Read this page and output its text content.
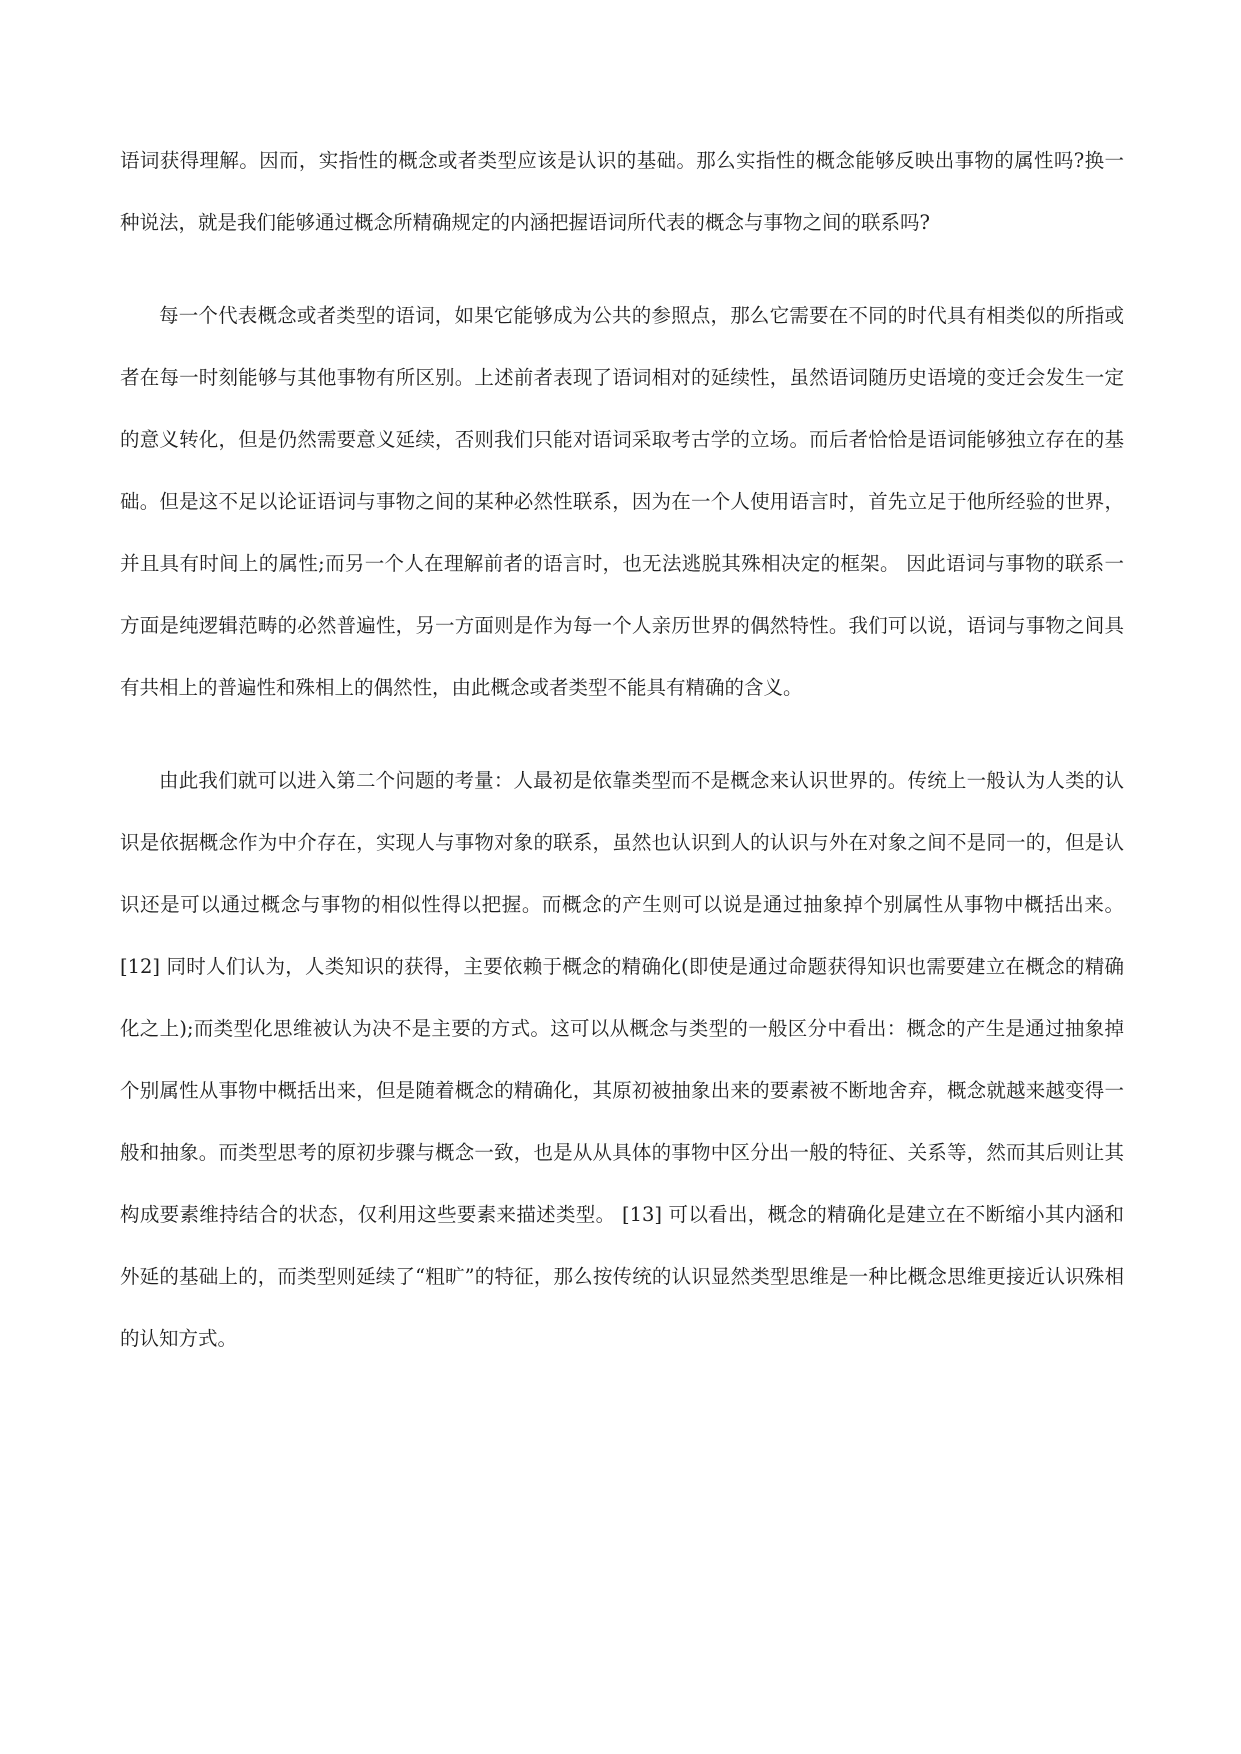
语词获得理解。因而，实指性的概念或者类型应该是认识的基础。那么实指性的概念能够反映出事物的属性吗?换一种说法，就是我们能够通过概念所精确规定的内涵把握语词所代表的概念与事物之间的联系吗?

每一个代表概念或者类型的语词，如果它能够成为公共的参照点，那么它需要在不同的时代具有相类似的所指或者在每一时刻能够与其他事物有所区别。上述前者表现了语词相对的延续性，虽然语词随历史语境的变迁会发生一定的意义转化，但是仍然需要意义延续，否则我们只能对语词采取考古学的立场。而后者恰恰是语词能够独立存在的基础。但是这不足以论证语词与事物之间的某种必然性联系，因为在一个人使用语言时，首先立足于他所经验的世界，并且具有时间上的属性;而另一个人在理解前者的语言时，也无法逃脱其殊相决定的框架。 因此语词与事物的联系一方面是纯逻辑范畴的必然普遍性，另一方面则是作为每一个人亲历世界的偶然特性。我们可以说，语词与事物之间具有共相上的普遍性和殊相上的偶然性，由此概念或者类型不能具有精确的含义。

由此我们就可以进入第二个问题的考量：人最初是依靠类型而不是概念来认识世界的。传统上一般认为人类的认识是依据概念作为中介存在，实现人与事物对象的联系，虽然也认识到人的认识与外在对象之间不是同一的，但是认识还是可以通过概念与事物的相似性得以把握。而概念的产生则可以说是通过抽象掉个别属性从事物中概括出来。 [12] 同时人们认为，人类知识的获得，主要依赖于概念的精确化(即使是通过命题获得知识也需要建立在概念的精确化之上);而类型化思维被认为决不是主要的方式。这可以从概念与类型的一般区分中看出：概念的产生是通过抽象掉个别属性从事物中概括出来，但是随着概念的精确化，其原初被抽象出来的要素被不断地舍弃，概念就越来越变得一般和抽象。而类型思考的原初步骤与概念一致，也是从从具体的事物中区分出一般的特征、关系等，然而其后则让其构成要素维持结合的状态，仅利用这些要素来描述类型。 [13] 可以看出，概念的精确化是建立在不断缩小其内涵和外延的基础上的，而类型则延续了“粗旷”的特征，那么按传统的认识显然类型思维是一种比概念思维更接近认识殊相的认知方式。
